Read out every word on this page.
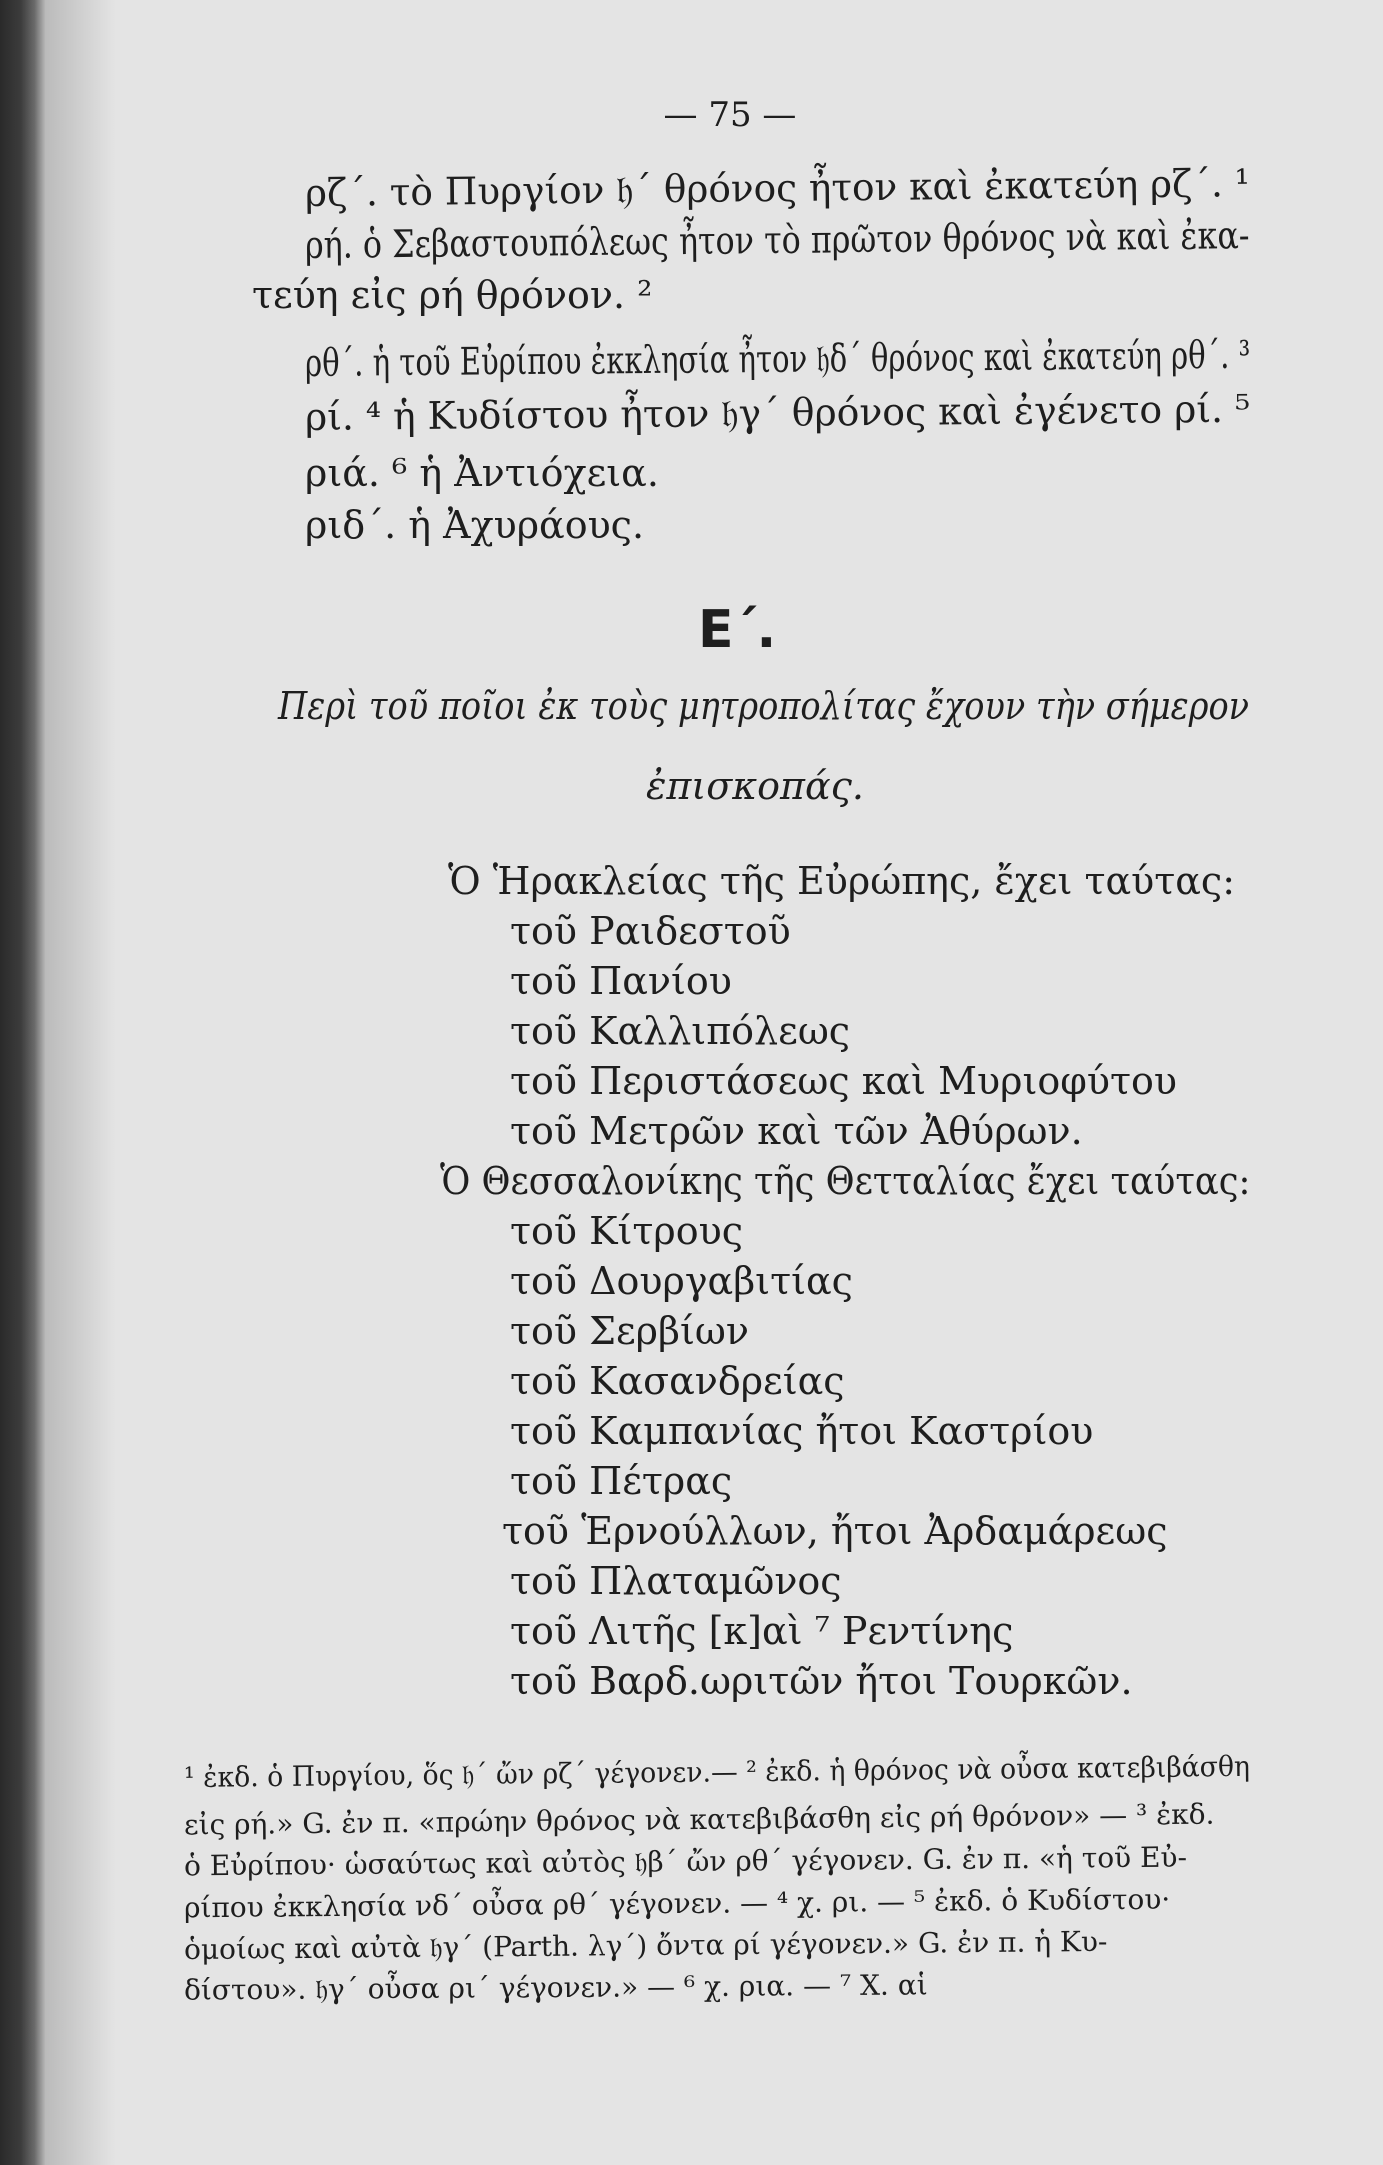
— 75 —
ρζ΄. τὸ Πυργίον 𝔥΄ θρόνος ἦτον καὶ ἐκατεύη ρζ΄. ¹
ρή. ὁ Σεβαστουπόλεως ἦτον τὸ πρῶτον θρόνος νὰ καὶ ἐκα-
τεύη εἰς ρή θρόνον. ²
ρθ΄. ἡ τοῦ Εὐρίπου ἐκκλησία ἦτον 𝔥δ΄ θρόνος καὶ ἐκατεύη ρθ΄. ³
ρί. ⁴ ἡ Κυδίστου ἦτον 𝔥γ΄ θρόνος καὶ ἐγένετο ρί. ⁵
ριά. ⁶ ἡ Ἀντιόχεια.
ριδ΄. ἡ Ἀχυράους.
Ε΄.
Περὶ τοῦ ποῖοι ἐκ τοὺς μητροπολίτας ἔχουν τὴν σήμερον
ἐπισκοπάς.
Ὁ Ἡρακλείας τῆς Εὐρώπης, ἔχει ταύτας:
τοῦ Ραιδεστοῦ
τοῦ Πανίου
τοῦ Καλλιπόλεως
τοῦ Περιστάσεως καὶ Μυριοφύτου
τοῦ Μετρῶν καὶ τῶν Ἀθύρων.
Ὁ Θεσσαλονίκης τῆς Θετταλίας ἔχει ταύτας:
τοῦ Κίτρους
τοῦ Δουργαβιτίας
τοῦ Σερβίων
τοῦ Κασανδρείας
τοῦ Καμπανίας ἤτοι Καστρίου
τοῦ Πέτρας
τοῦ Ἑρνούλλων, ἤτοι Ἀρδαμάρεως
τοῦ Πλαταμῶνος
τοῦ Λιτῆς [κ]αὶ ⁷ Ρεντίνης
τοῦ Βαρδ.ωριτῶν ἤτοι Τουρκῶν.
¹ ἐκδ. ὁ Πυργίου, ὅς 𝔥΄ ὤν ρζ΄ γέγονεν.— ² ἐκδ. ἡ θρόνος νὰ οὖσα κατεβιβάσθη
εἰς ρή.» G. ἐν π. «πρώην θρόνος νὰ κατεβιβάσθη εἰς ρή θρόνον» — ³ ἐκδ.
ὁ Εὐρίπου· ὡσαύτως καὶ αὐτὸς 𝔥β΄ ὤν ρθ΄ γέγονεν. G. ἐν π. «ἡ τοῦ Εὐ-
ρίπου ἐκκλησία νδ΄ οὖσα ρθ΄ γέγονεν. — ⁴ χ. ρι. — ⁵ ἐκδ. ὁ Κυδίστου·
ὁμοίως καὶ αὐτὰ 𝔥γ΄ (Parth. λγ΄) ὄντα ρί γέγονεν.» G. ἐν π. ἡ Κυ-
δίστου». 𝔥γ΄ οὖσα ρι΄ γέγονεν.» — ⁶ χ. ρια. — ⁷ Χ. αἱ
